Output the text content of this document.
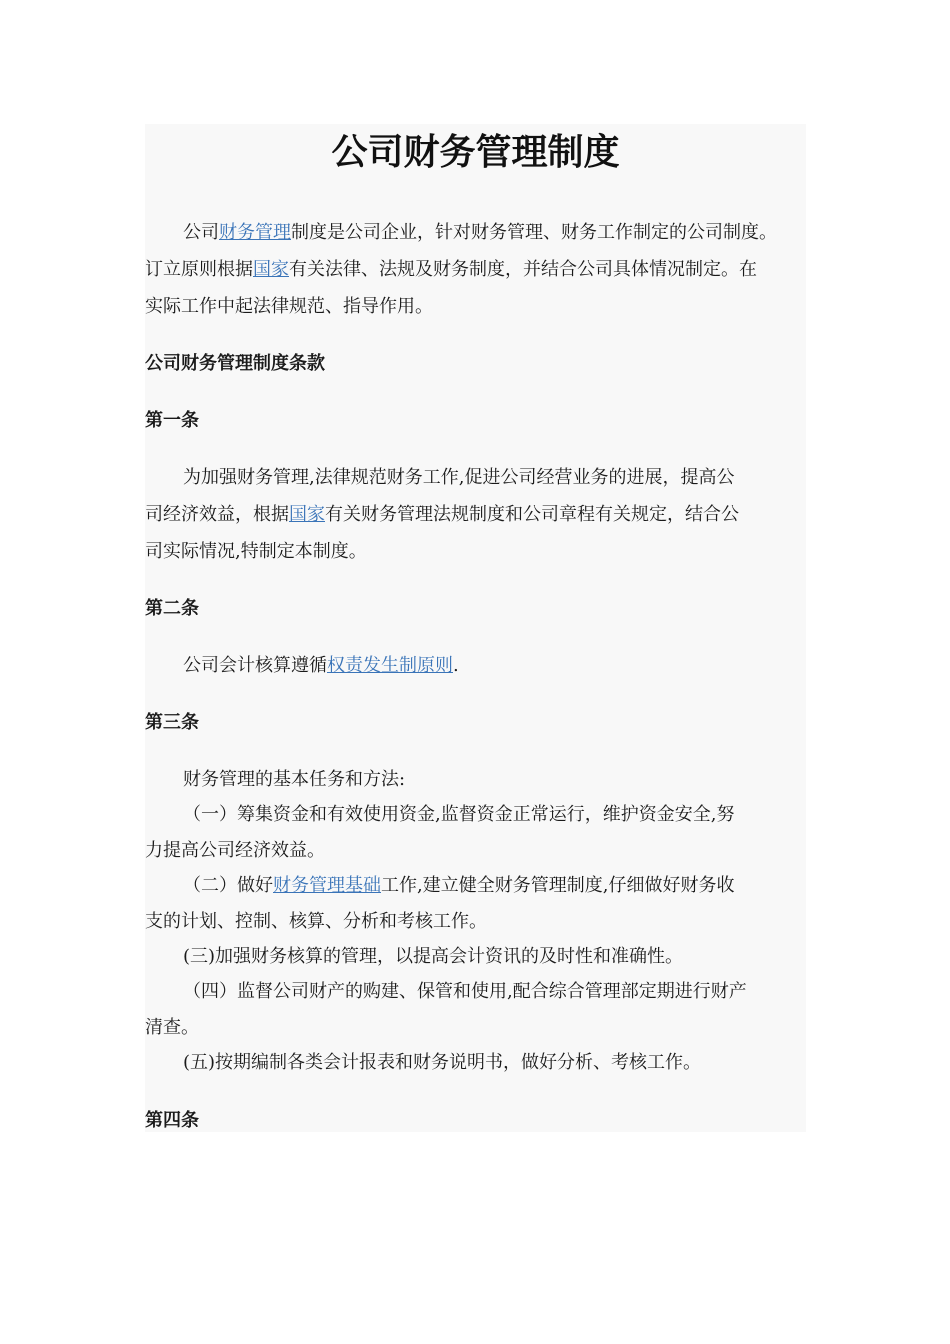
公司财务管理制度
公司财务管理制度是公司企业，针对财务管理、财务工作制定的公司制度。
订立原则根据国家有关法律、法规及财务制度，并结合公司具体情况制定。在
实际工作中起法律规范、指导作用。
公司财务管理制度条款
第一条
为加强财务管理,法律规范财务工作,促进公司经营业务的进展，提高公
司经济效益，根据国家有关财务管理法规制度和公司章程有关规定，结合公
司实际情况,特制定本制度。
第二条
公司会计核算遵循权责发生制原则.
第三条
财务管理的基本任务和方法:
（一）筹集资金和有效使用资金,监督资金正常运行，维护资金安全,努
力提高公司经济效益。
（二）做好财务管理基础工作,建立健全财务管理制度,仔细做好财务收
支的计划、控制、核算、分析和考核工作。
(三)加强财务核算的管理，以提高会计资讯的及时性和准确性。
（四）监督公司财产的购建、保管和使用,配合综合管理部定期进行财产
清查。
(五)按期编制各类会计报表和财务说明书，做好分析、考核工作。
第四条
